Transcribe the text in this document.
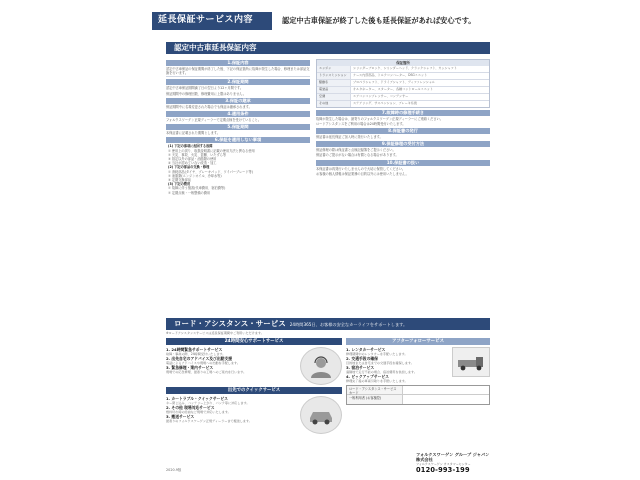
延長保証サービス内容	認定中古車保証が終了した後も延長保証があれば安心です。
認定中古車延長保証内容
1.保証内容
認定中古車保証の保証期間が終了した後、下記の保証箇所に故障が発生した場合、修理または部品交換を行います。
2.保証期間
認定中古車保証期間満了日の翌日より12ヶ月間です。
保証期間中の修理回数、修理費用に上限はありません。
3.保証の継承
保証期間中に名義変更された場合でも保証は継承されます。
4.適用条件
フォルクスワーゲン正規ディーラーで定期点検を受けていること。
5.保証期間
本保証書に記載された期間とします。
6.保証を適用しない事項
(1) 下記の事項に起因する故障
① 使用上の誤り、取扱説明書に記載の使用方法と異なる使用
② 天災、事故、火災、盗難、いたずら等
③ 指定以外の部品・油脂類の使用
④ 当社が認めていない改造・加工
(2) 下記の部品の交換・修理
① 消耗部品(タイヤ、ブレーキパッド、ワイパーブレード等)
② 油脂類(エンジンオイル、冷却水等)
③ 定期交換部品
(3) 下記の費用
① 故障に伴う損害(代車費用、宿泊費等)
② 定期点検・一般整備の費用
保証箇所
エンジン	シリンダーブロック、シリンダーヘッド、クランクシャフト、カムシャフト
トランスミッション	ケース内部部品、トルクコンバーター、DSGユニット
駆動系	プロペラシャフト、ドライブシャフト、ディファレンシャル
電装品	オルタネーター、スターター、各種コントロールユニット
空調	エアコンコンプレッサー、コンデンサー
その他	ステアリング、サスペンション、ブレーキ系統
7.故障時の修理手続き
故障が発生した場合は、最寄りのフォルクスワーゲン正規ディーラーにご連絡ください。
ロードアシスタンスをご利用の場合は24時間受付いたします。
8.保証書の発行
保証書は延長保証ご加入時に発行いたします。
9.保証修理の受付方法
保証修理の際は保証書と点検記録簿をご提示ください。
保証書のご提示がない場合は有償となる場合があります。
10.保証書の扱い
本保証書は再発行いたしませんので大切に保管してください。
お客様の個人情報は保証業務の目的以外には使用いたしません。
ロード・アシスタンス・サービス 24時間365日、お客様の安全なカーライフをサポートします。
※ロードアシスタンスサービスは延長保証期間中ご利用いただけます。
24時間安心サポートサービス
1. 24時間緊急サポートサービス
故障・事故の際、24時間受付いたします。
2. 出先自宅のアドバイス及び出動支援
電話によるアドバイスや現場への出動を手配します。
3. 緊急修理・案内サービス
現場での応急修理、最寄りの工場へのご案内を行います。
出先でのクイックサービス
1. カートラブル・クイックサービス
キー閉じ込み、バッテリー上がり、パンク等に対応します。
2. その他 現場対応サービス
燃料切れ時の給油など現場で対応いたします。
3. 搬送サービス
最寄りのフォルクスワーゲン正規ディーラーまで搬送します。
アフターフォローサービス
1. レンタカーサービス
修理期間中のレンタカーを手配いたします。
2. 交通手段の確保
目的地または自宅までの交通手段を確保します。
3. 宿泊サービス
遠隔地で走行不能の場合、宿泊費用を負担します。
4. ピックアップサービス
修理完了後の車両引取りを手配いたします。
ロード・アシスタンス・サービス カード
一般利用者 (お客様控)
フォルクスワーゲン グループ ジャパン 株式会社
フォルクスワーゲン カスタマーセンター
0120-993-199
2020.9版
